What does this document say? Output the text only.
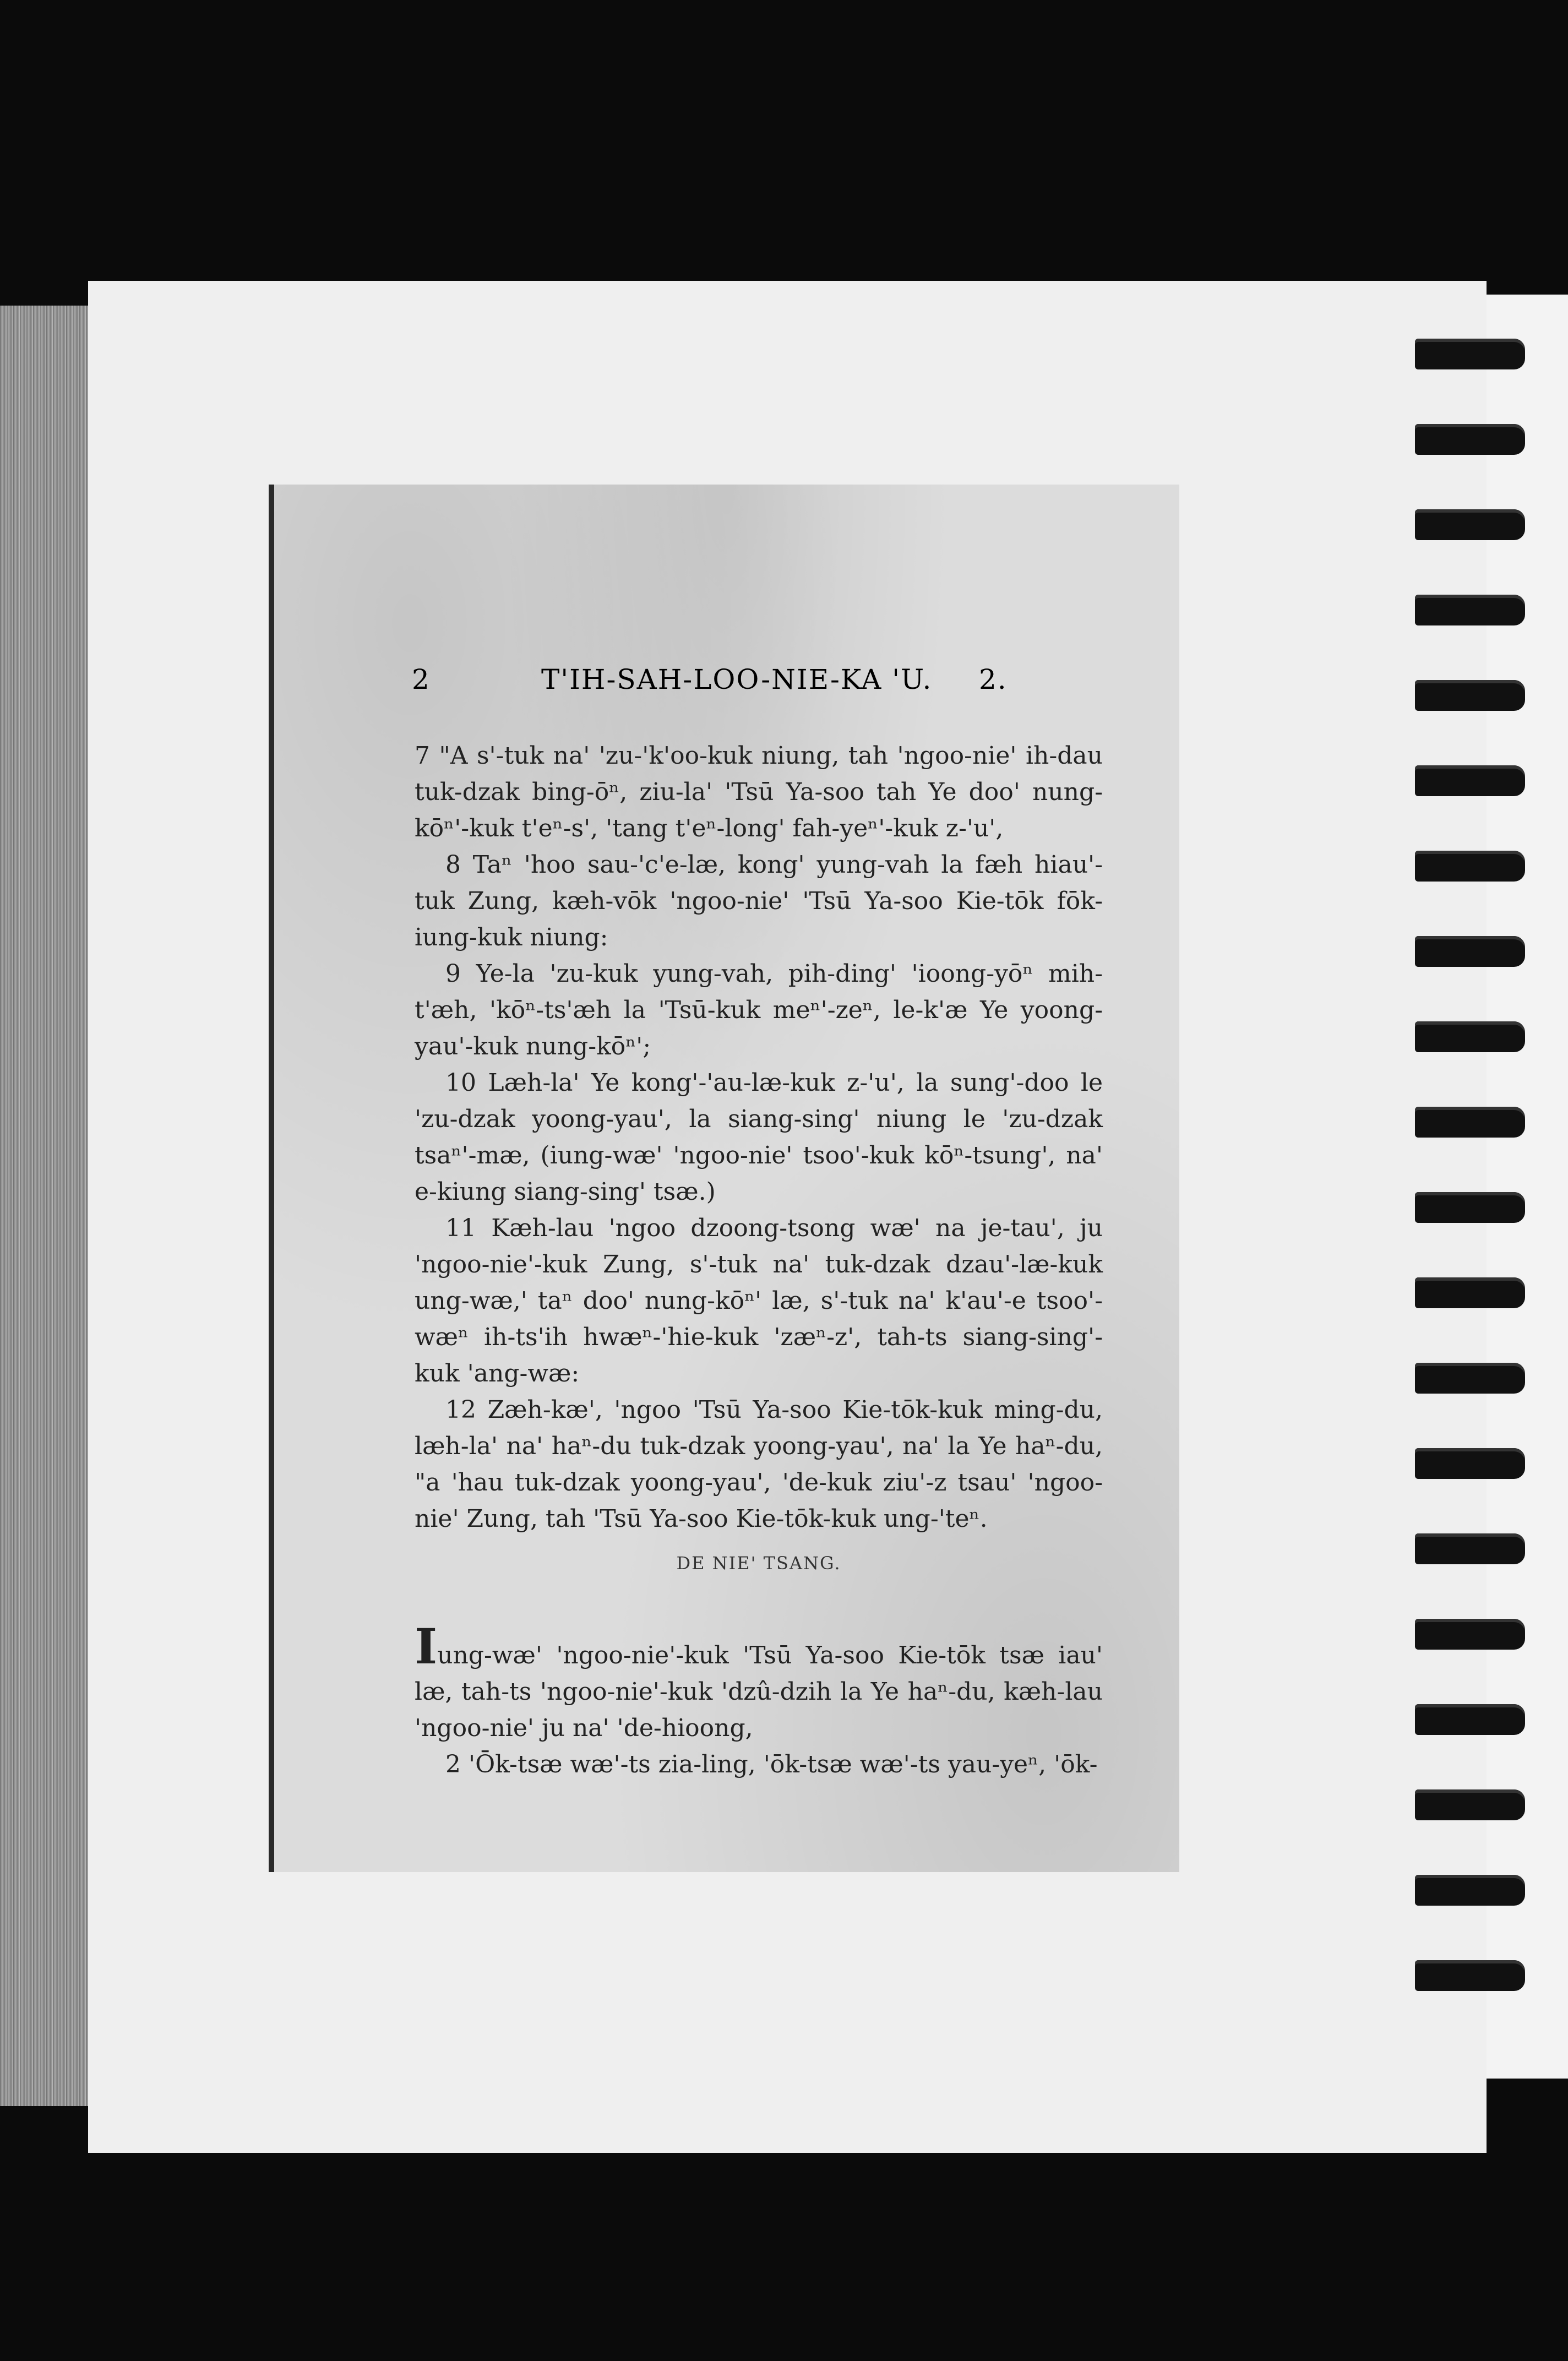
2	T'IH-SAH-LOO-NIE-KA 'U. 2.

7 "A s'-tuk na' 'zu-'k'oo-kuk niung, tah 'ngoo-nie' ih-dau tuk-dzak bing-ōⁿ, ziu-la' 'Tsū Ya-soo tah Ye doo' nung-kōⁿ'-kuk t'eⁿ-s', 'tang t'eⁿ-long' fah-yeⁿ'-kuk z-'u',

8 Taⁿ 'hoo sau-'c'e-læ, kong' yung-vah la fæh hiau'-tuk Zung, kæh-vōk 'ngoo-nie' 'Tsū Ya-soo Kie-tōk fōk-iung-kuk niung:

9 Ye-la 'zu-kuk yung-vah, pih-ding' 'ioong-yōⁿ mih-t'æh, 'kōⁿ-ts'æh la 'Tsū-kuk meⁿ'-zeⁿ, le-k'æ Ye yoong-yau'-kuk nung-kōⁿ';

10 Læh-la' Ye kong'-'au-læ-kuk z-'u', la sung'-doo le 'zu-dzak yoong-yau', la siang-sing' niung le 'zu-dzak tsaⁿ'-mæ, (iung-wæ' 'ngoo-nie' tsoo'-kuk kōⁿ-tsung', na' e-kiung siang-sing' tsæ.)

11 Kæh-lau 'ngoo dzoong-tsong wæ' na je-tau', ju 'ngoo-nie'-kuk Zung, s'-tuk na' tuk-dzak dzau'-læ-kuk ung-wæ,' taⁿ doo' nung-kōⁿ' læ, s'-tuk na' k'au'-e tsoo'-wæⁿ ih-ts'ih hwæⁿ-'hie-kuk 'zæⁿ-z', tah-ts siang-sing'-kuk 'ang-wæ:

12 Zæh-kæ', 'ngoo 'Tsū Ya-soo Kie-tōk-kuk ming-du, læh-la' na' haⁿ-du tuk-dzak yoong-yau', na' la Ye haⁿ-du, "a 'hau tuk-dzak yoong-yau', 'de-kuk ziu'-z tsau' 'ngoo-nie' Zung, tah 'Tsū Ya-soo Kie-tōk-kuk ung-'teⁿ.

DE NIE' TSANG.

Iung-wæ' 'ngoo-nie'-kuk 'Tsū Ya-soo Kie-tōk tsæ iau' læ, tah-ts 'ngoo-nie'-kuk 'dzû-dzih la Ye haⁿ-du, kæh-lau 'ngoo-nie' ju na' 'de-hioong,

2 'Ōk-tsæ wæ'-ts zia-ling, 'ōk-tsæ wæ'-ts yau-yeⁿ, 'ōk-
